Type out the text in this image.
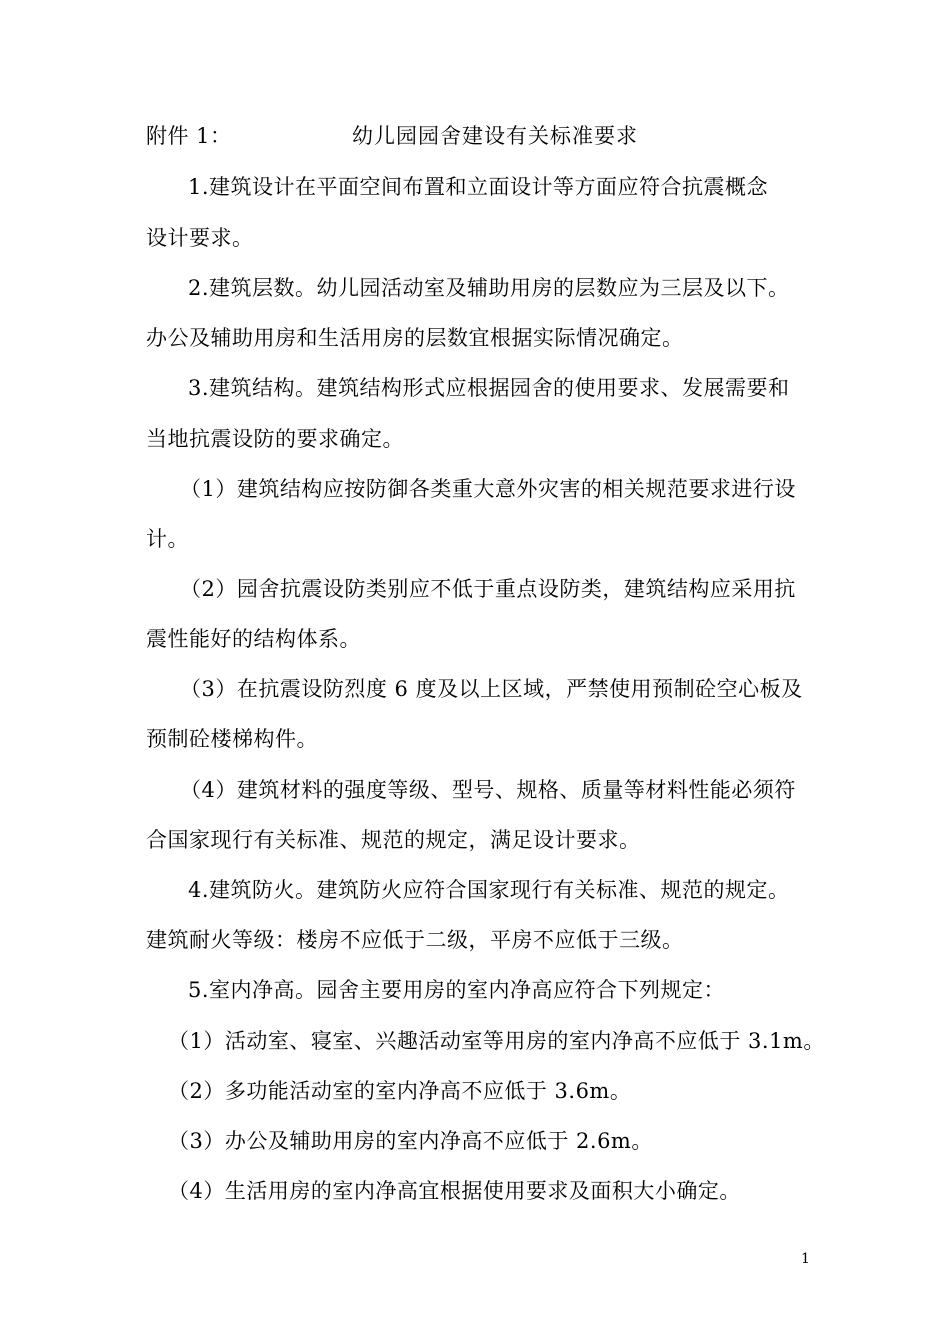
附件 1：	幼儿园园舍建设有关标准要求
1.建筑设计在平面空间布置和立面设计等方面应符合抗震概念
设计要求。
2.建筑层数。幼儿园活动室及辅助用房的层数应为三层及以下。
办公及辅助用房和生活用房的层数宜根据实际情况确定。
3.建筑结构。建筑结构形式应根据园舍的使用要求、发展需要和
当地抗震设防的要求确定。
（1）建筑结构应按防御各类重大意外灾害的相关规范要求进行设
计。
（2）园舍抗震设防类别应不低于重点设防类，建筑结构应采用抗
震性能好的结构体系。
（3）在抗震设防烈度 6 度及以上区域，严禁使用预制砼空心板及
预制砼楼梯构件。
（4）建筑材料的强度等级、型号、规格、质量等材料性能必须符
合国家现行有关标准、规范的规定，满足设计要求。
4.建筑防火。建筑防火应符合国家现行有关标准、规范的规定。
建筑耐火等级：楼房不应低于二级，平房不应低于三级。
5.室内净高。园舍主要用房的室内净高应符合下列规定：
（1）活动室、寝室、兴趣活动室等用房的室内净高不应低于 3.1m。
（2）多功能活动室的室内净高不应低于 3.6m。
（3）办公及辅助用房的室内净高不应低于 2.6m。
（4）生活用房的室内净高宜根据使用要求及面积大小确定。
1
